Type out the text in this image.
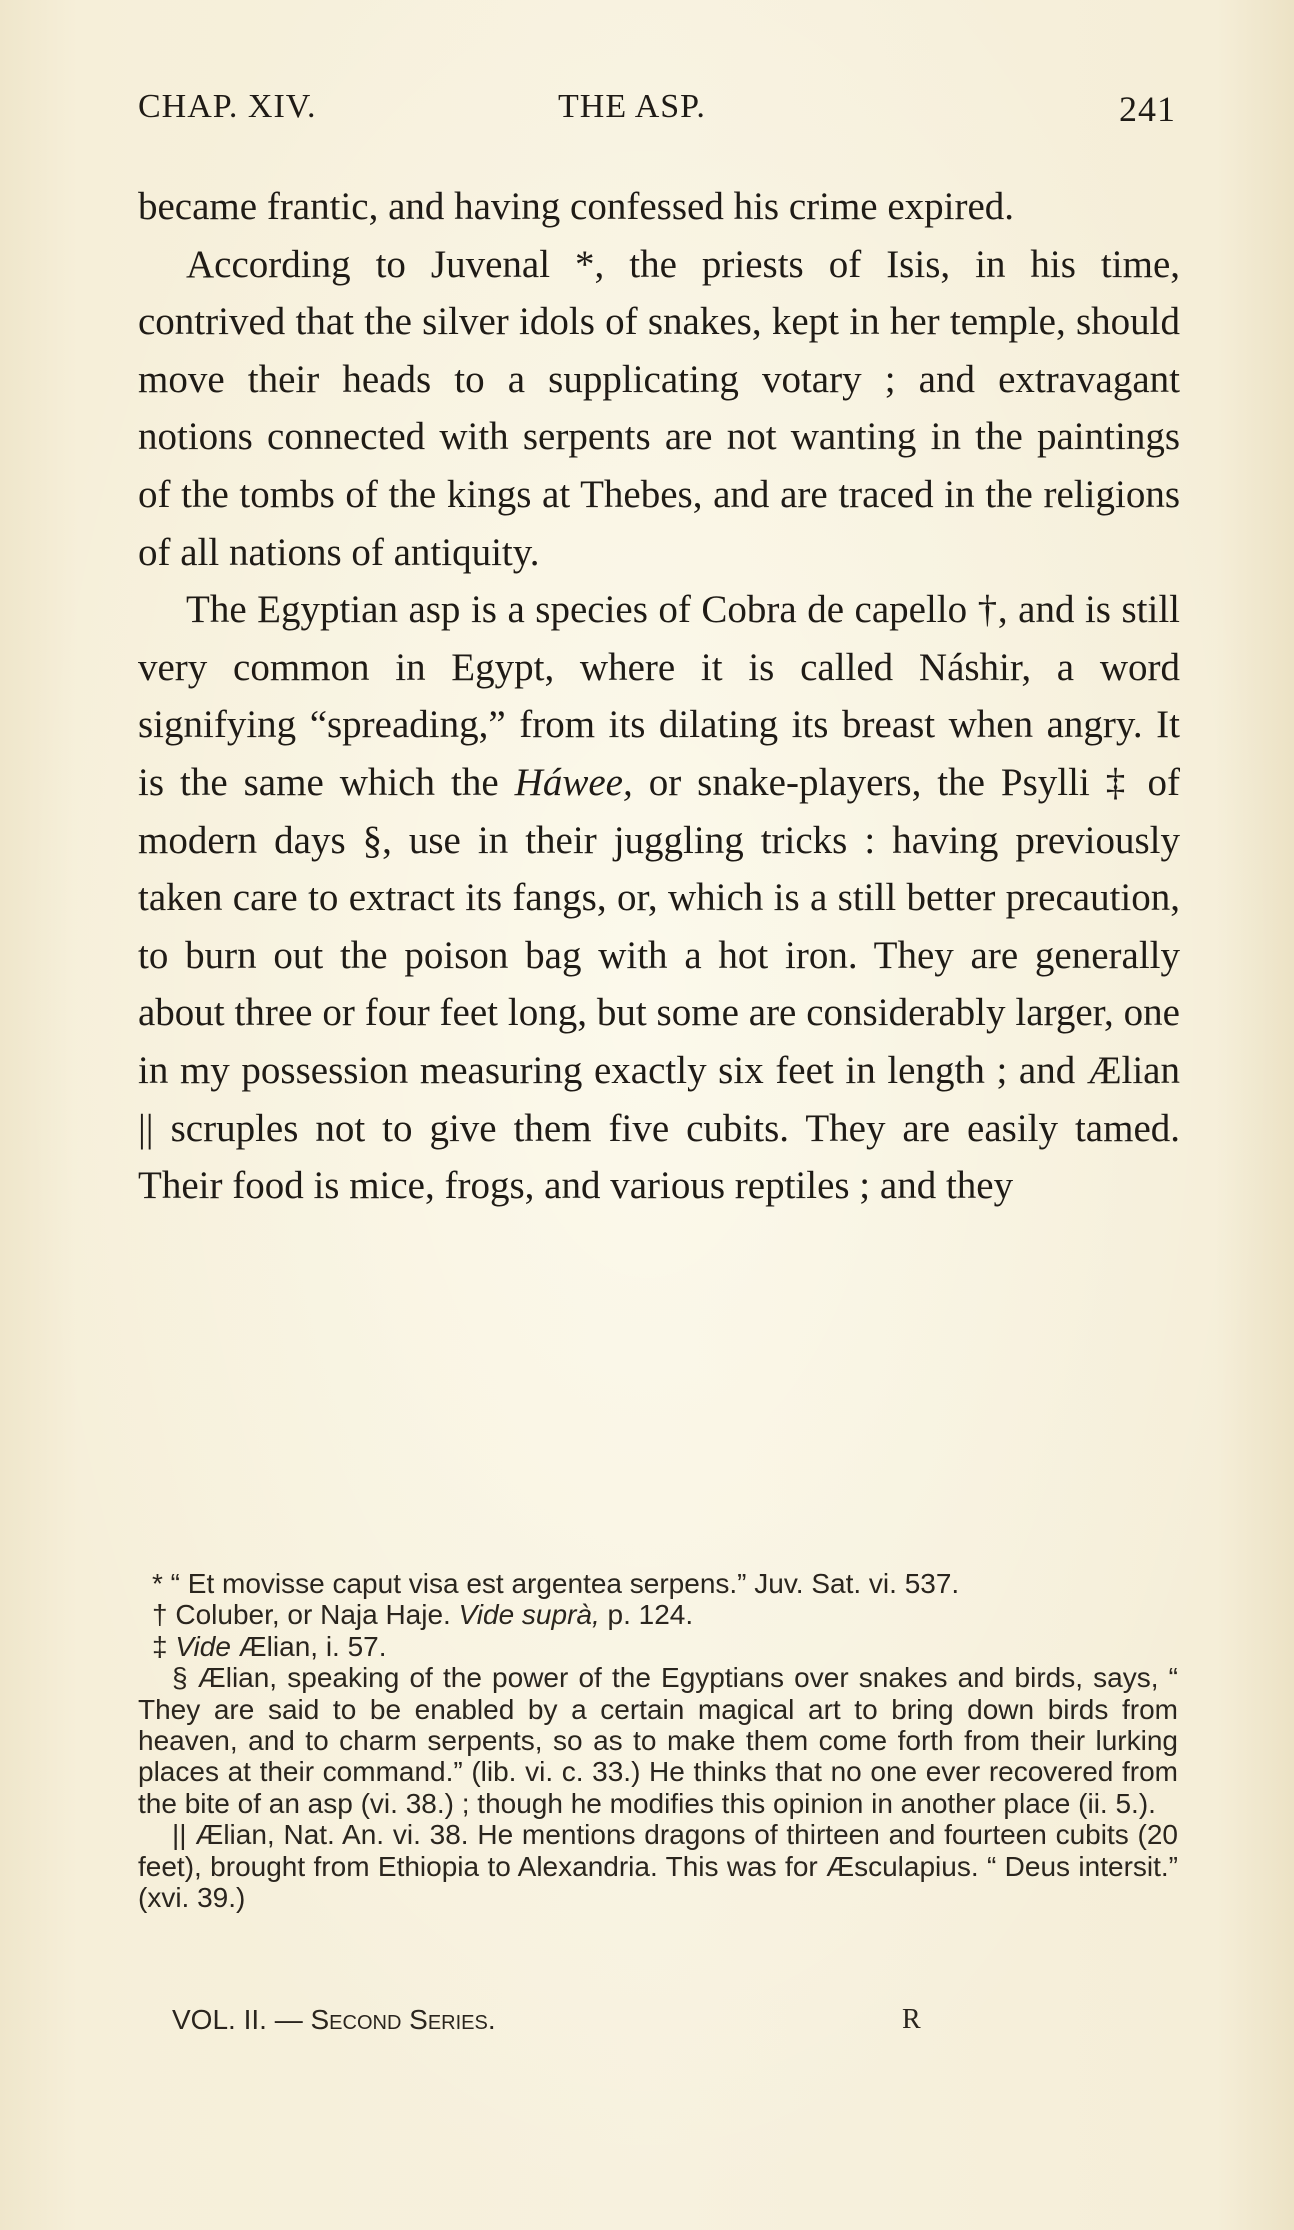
CHAP. XIV.	THE ASP.	241

became frantic, and having confessed his crime expired.

According to Juvenal *, the priests of Isis, in his time, contrived that the silver idols of snakes, kept in her temple, should move their heads to a supplicating votary ; and extravagant notions connected with serpents are not wanting in the paintings of the tombs of the kings at Thebes, and are traced in the religions of all nations of antiquity.

The Egyptian asp is a species of Cobra de capello †, and is still very common in Egypt, where it is called Náshir, a word signifying “spreading,” from its dilating its breast when angry. It is the same which the Háwee, or snake-players, the Psylli ‡ of modern days §, use in their juggling tricks : having previously taken care to extract its fangs, or, which is a still better precaution, to burn out the poison bag with a hot iron. They are generally about three or four feet long, but some are considerably larger, one in my possession measuring exactly six feet in length ; and Ælian || scruples not to give them five cubits. They are easily tamed. Their food is mice, frogs, and various reptiles ; and they

* “ Et movisse caput visa est argentea serpens.” Juv. Sat. vi. 537.

† Coluber, or Naja Haje. Vide suprà, p. 124.

‡ Vide Ælian, i. 57.

§ Ælian, speaking of the power of the Egyptians over snakes and birds, says, “ They are said to be enabled by a certain magical art to bring down birds from heaven, and to charm serpents, so as to make them come forth from their lurking places at their command.” (lib. vi. c. 33.) He thinks that no one ever recovered from the bite of an asp (vi. 38.) ; though he modifies this opinion in another place (ii. 5.).

|| Ælian, Nat. An. vi. 38. He mentions dragons of thirteen and fourteen cubits (20 feet), brought from Ethiopia to Alexandria. This was for Æsculapius. “ Deus intersit.” (xvi. 39.)

VOL. II. — Second Series.	R
